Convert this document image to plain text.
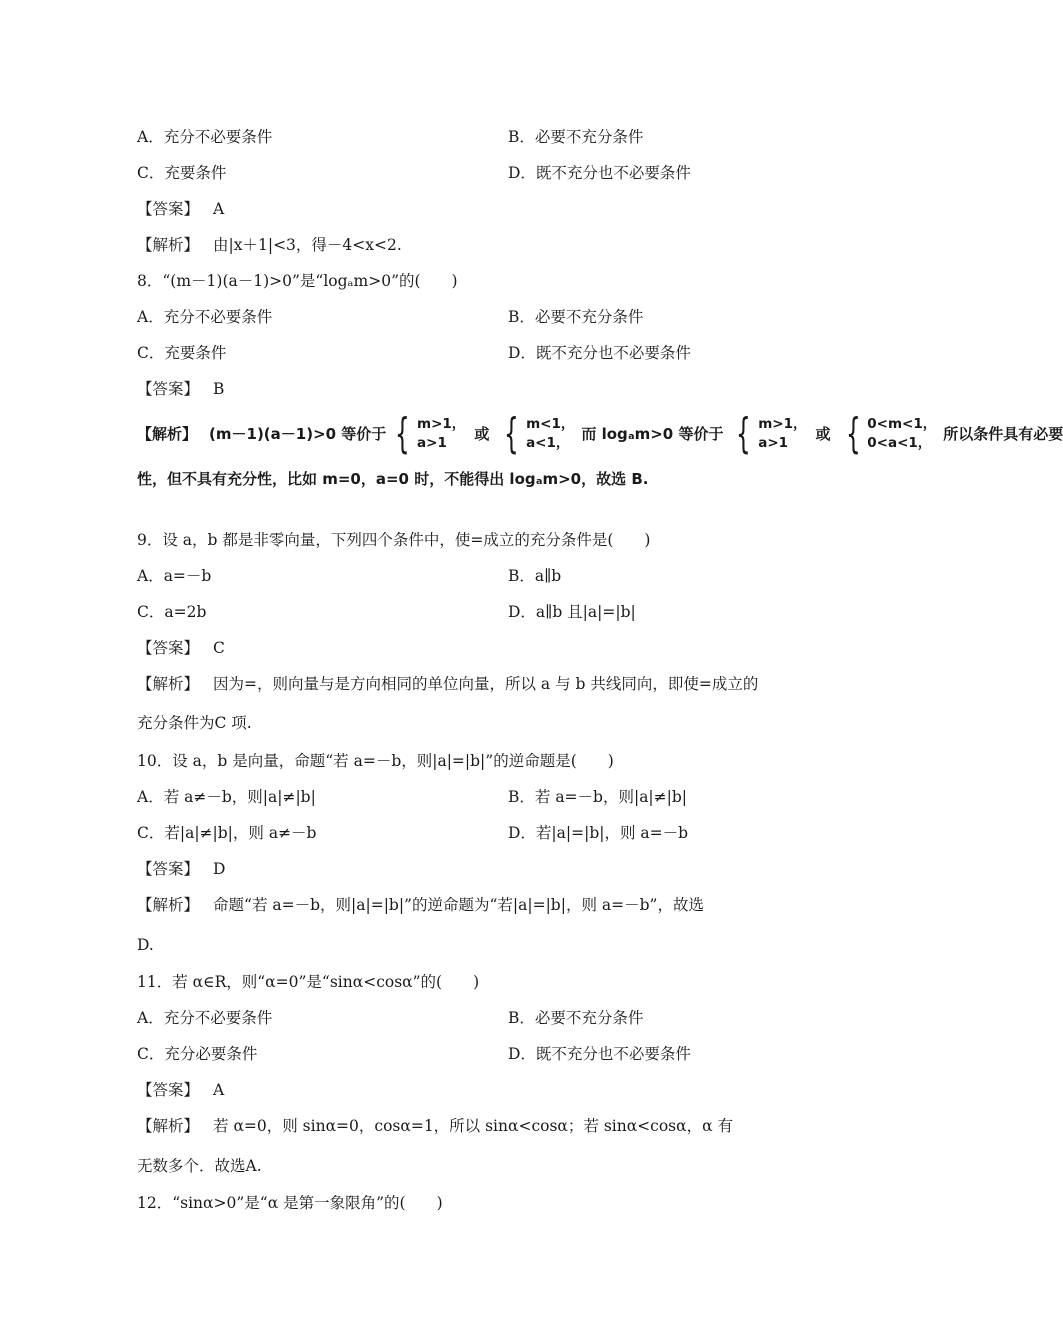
A．充分不必要条件	B．必要不充分条件
C．充要条件	D．既不充分也不必要条件
【答案】 A
【解析】 由|x＋1|<3，得－4<x<2.
8．“(m－1)(a－1)>0”是“logₐm>0”的(　　)
A．充分不必要条件	B．必要不充分条件
C．充要条件	D．既不充分也不必要条件
【答案】 B
【解析】 (m－1)(a－1)>0 等价于 { m>1，
a>1	或 { m<1，
a<1， 而 logₐm>0 等价于 { m>1，
a>1	或 { 0<m<1，
0<a<1， 所以条件具有必要
性，但不具有充分性，比如 m=0，a=0 时，不能得出 logₐm>0，故选 B.
9．设 a，b 都是非零向量，下列四个条件中，使=成立的充分条件是(　　)
A．a=－b	B．a∥b
C．a=2b	D．a∥b 且|a|=|b|
【答案】 C
【解析】 因为=，则向量与是方向相同的单位向量，所以 a 与 b 共线同向，即使=成立的
充分条件为C 项.
10．设 a，b 是向量，命题“若 a=－b，则|a|=|b|”的逆命题是(　　)
A．若 a≠－b，则|a|≠|b|	B．若 a=－b，则|a|≠|b|
C．若|a|≠|b|，则 a≠－b	D．若|a|=|b|，则 a=－b
【答案】 D
【解析】 命题“若 a=－b，则|a|=|b|”的逆命题为“若|a|=|b|，则 a=－b”，故选
D.
11．若 α∈R，则“α=0”是“sinα<cosα”的(　　)
A．充分不必要条件	B．必要不充分条件
C．充分必要条件	D．既不充分也不必要条件
【答案】 A
【解析】 若 α=0，则 sinα=0，cosα=1，所以 sinα<cosα；若 sinα<cosα，α 有
无数多个．故选A.
12．“sinα>0”是“α 是第一象限角”的(　　)
